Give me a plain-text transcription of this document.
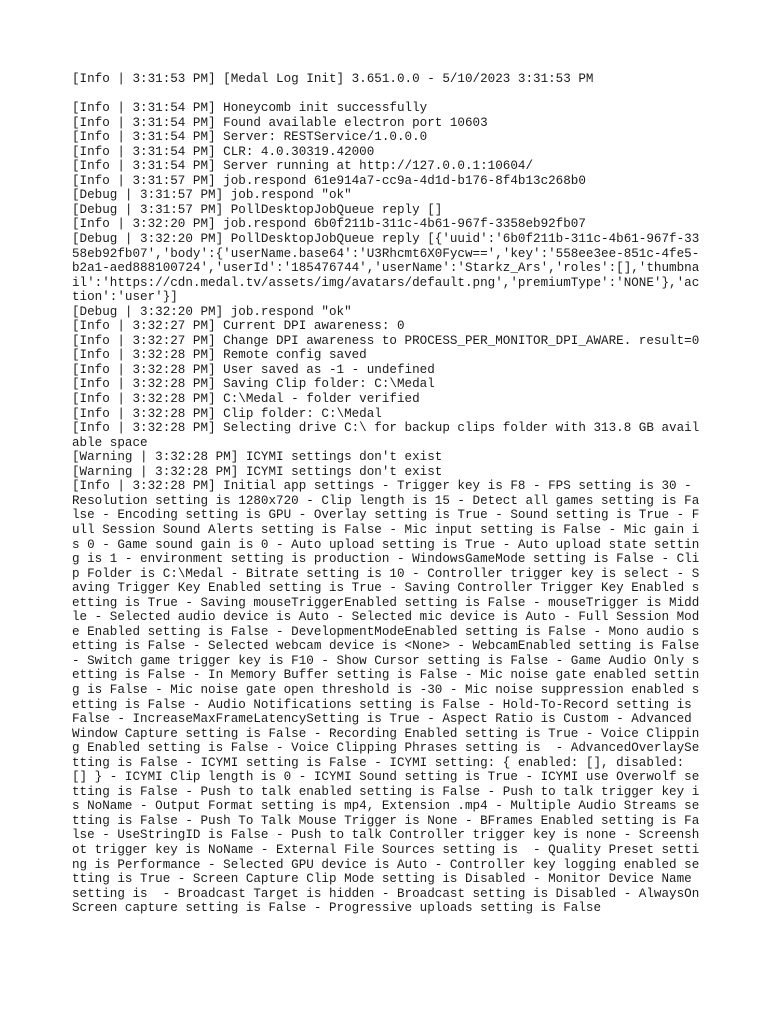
[Info | 3:31:53 PM] [Medal Log Init] 3.651.0.0 - 5/10/2023 3:31:53 PM
[Info | 3:31:54 PM] Honeycomb init successfully
[Info | 3:31:54 PM] Found available electron port 10603
[Info | 3:31:54 PM] Server: RESTService/1.0.0.0
[Info | 3:31:54 PM] CLR: 4.0.30319.42000
[Info | 3:31:54 PM] Server running at http://127.0.0.1:10604/
[Info | 3:31:57 PM] job.respond 61e914a7-cc9a-4d1d-b176-8f4b13c268b0
[Debug | 3:31:57 PM] job.respond "ok"
[Debug | 3:31:57 PM] PollDesktopJobQueue reply []
[Info | 3:32:20 PM] job.respond 6b0f211b-311c-4b61-967f-3358eb92fb07
[Debug | 3:32:20 PM] PollDesktopJobQueue reply [{'uuid':'6b0f211b-311c-4b61-967f-3358eb92fb07','body':{'userName.base64':'U3Rhcmt6X0Fycw==','key':'558ee3ee-851c-4fe5-b2a1-aed888100724','userId':'185476744','userName':'Starkz_Ars','roles':[],'thumbnail':'https://cdn.medal.tv/assets/img/avatars/default.png','premiumType':'NONE'},'action':'user'}]
[Debug | 3:32:20 PM] job.respond "ok"
[Info | 3:32:27 PM] Current DPI awareness: 0
[Info | 3:32:27 PM] Change DPI awareness to PROCESS_PER_MONITOR_DPI_AWARE. result=0
[Info | 3:32:28 PM] Remote config saved
[Info | 3:32:28 PM] User saved as -1 - undefined
[Info | 3:32:28 PM] Saving Clip folder: C:\Medal
[Info | 3:32:28 PM] C:\Medal - folder verified
[Info | 3:32:28 PM] Clip folder: C:\Medal
[Info | 3:32:28 PM] Selecting drive C:\ for backup clips folder with 313.8 GB available space
[Warning | 3:32:28 PM] ICYMI settings don't exist
[Warning | 3:32:28 PM] ICYMI settings don't exist
[Info | 3:32:28 PM] Initial app settings - Trigger key is F8 - FPS setting is 30 - Resolution setting is 1280x720 - Clip length is 15 - Detect all games setting is False - Encoding setting is GPU - Overlay setting is True - Sound setting is True - Full Session Sound Alerts setting is False - Mic input setting is False - Mic gain is 0 - Game sound gain is 0 - Auto upload setting is True - Auto upload state setting is 1 - environment setting is production - WindowsGameMode setting is False - Clip Folder is C:\Medal - Bitrate setting is 10 - Controller trigger key is select - Saving Trigger Key Enabled setting is True - Saving Controller Trigger Key Enabled setting is True - Saving mouseTriggerEnabled setting is False - mouseTrigger is Middle - Selected audio device is Auto - Selected mic device is Auto - Full Session Mode Enabled setting is False - DevelopmentModeEnabled setting is False - Mono audio setting is False - Selected webcam device is <None> - WebcamEnabled setting is False - Switch game trigger key is F10 - Show Cursor setting is False - Game Audio Only setting is False - In Memory Buffer setting is False - Mic noise gate enabled setting is False - Mic noise gate open threshold is -30 - Mic noise suppression enabled setting is False - Audio Notifications setting is False - Hold-To-Record setting is False - IncreaseMaxFrameLatencySetting is True - Aspect Ratio is Custom - Advanced Window Capture setting is False - Recording Enabled setting is True - Voice Clipping Enabled setting is False - Voice Clipping Phrases setting is  - AdvancedOverlaySetting is False - ICYMI setting is False - ICYMI setting: { enabled: [], disabled: [] } - ICYMI Clip length is 0 - ICYMI Sound setting is True - ICYMI use Overwolf setting is False - Push to talk enabled setting is False - Push to talk trigger key is NoName - Output Format setting is mp4, Extension .mp4 - Multiple Audio Streams setting is False - Push To Talk Mouse Trigger is None - BFrames Enabled setting is False - UseStringID is False - Push to talk Controller trigger key is none - Screenshot trigger key is NoName - External File Sources setting is  - Quality Preset setting is Performance - Selected GPU device is Auto - Controller key logging enabled setting is True - Screen Capture Clip Mode setting is Disabled - Monitor Device Name setting is  - Broadcast Target is hidden - Broadcast setting is Disabled - AlwaysOn Screen capture setting is False - Progressive uploads setting is False
